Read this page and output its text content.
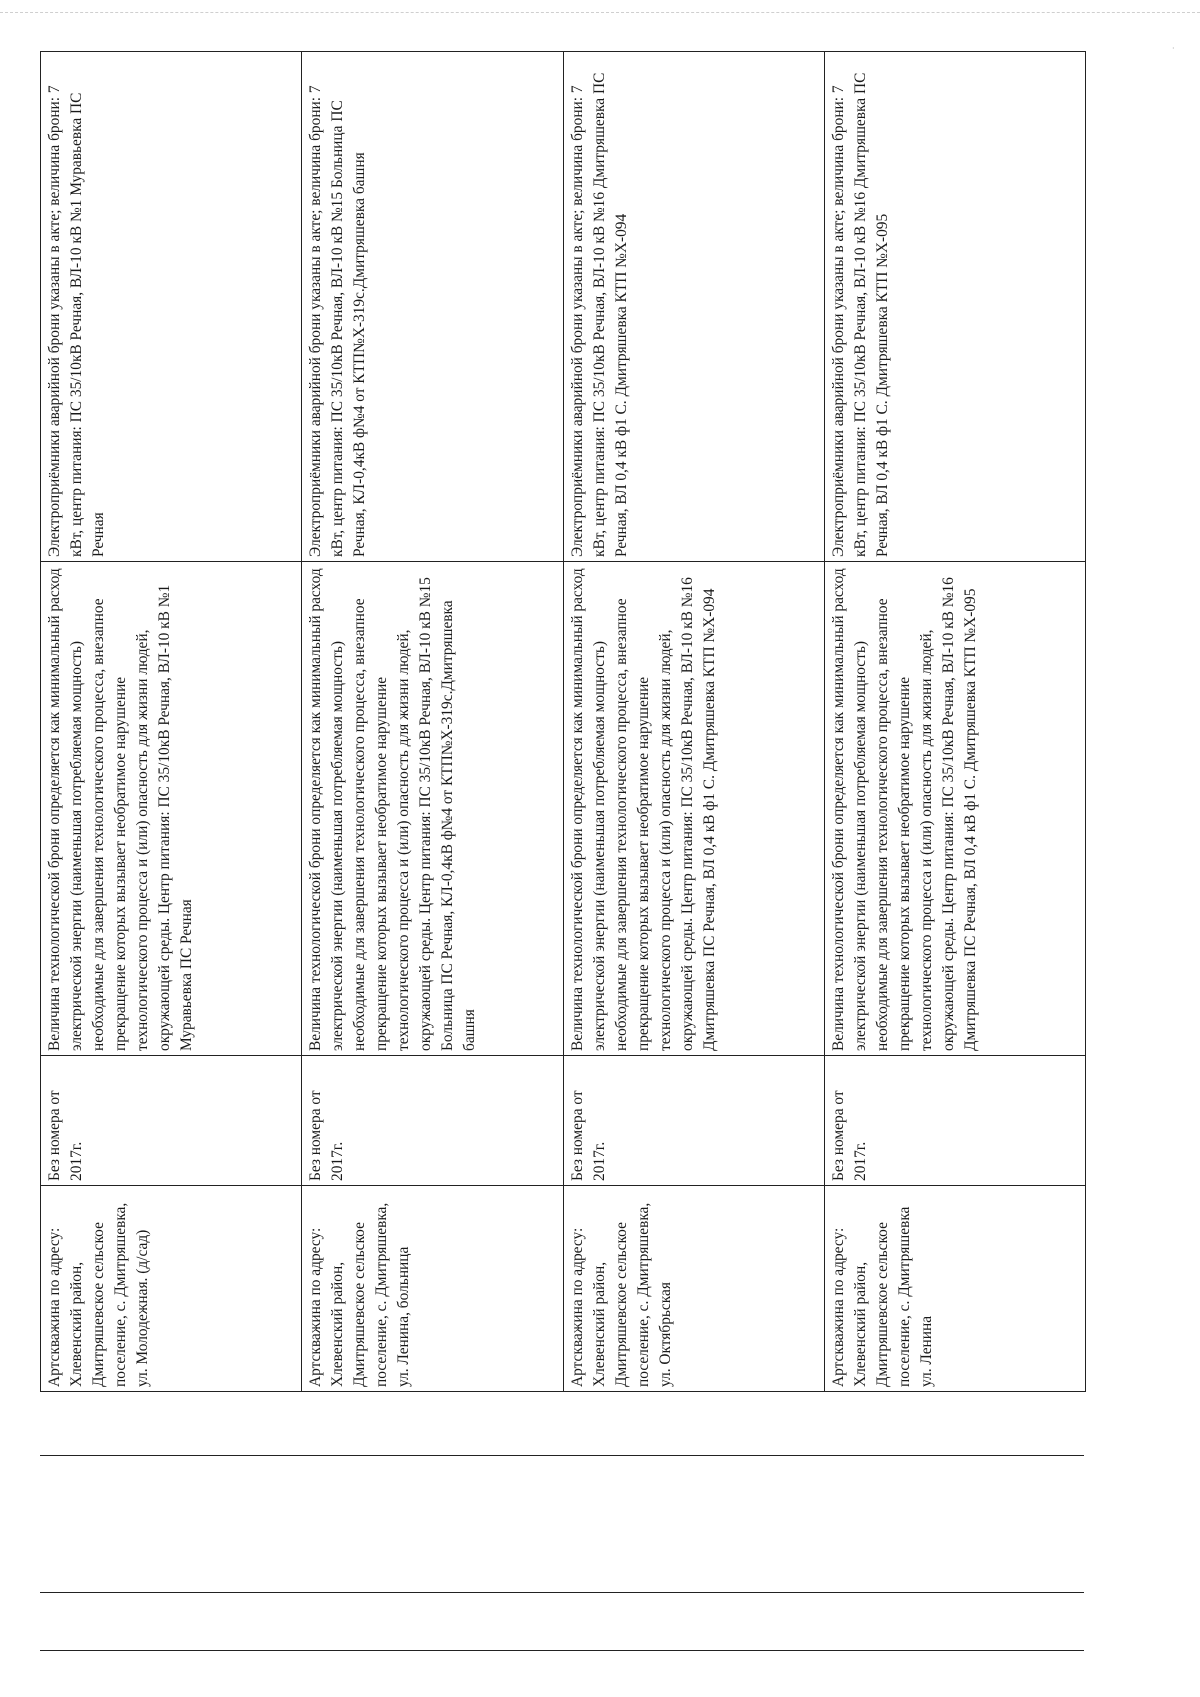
·
Артскважина по адресу: Хлевенский район, Дмитряшевское сельское поселение, с. Дмитряшевка, ул. Молодежная. (д/сад)	Без номера от 2017г.	Величина технологической брони определяется как минимальный расход электрической энергии (наименьшая потребляемая мощность) необходимые для завершения технологического процесса, внезапное прекращение которых вызывает необратимое нарушение технологического процесса и (или) опасность для жизни людей, окружающей среды. Центр питания: ПС 35/10кВ Речная, ВЛ-10 кВ №1 Муравьевка ПС Речная	Электроприёмники аварийной брони указаны в акте; величина брони: 7 кВт, центр питания: ПС 35/10кВ Речная, ВЛ-10 кВ №1 Муравьевка ПС Речная
Артскважина по адресу: Хлевенский район, Дмитряшевское сельское поселение, с. Дмитряшевка, ул. Ленина, больница	Без номера от 2017г.	Величина технологической брони определяется как минимальный расход электрической энергии (наименьшая потребляемая мощность) необходимые для завершения технологического процесса, внезапное прекращение которых вызывает необратимое нарушение технологического процесса и (или) опасность для жизни людей, окружающей среды. Центр питания: ПС 35/10кВ Речная, ВЛ-10 кВ №15 Больница ПС Речная, КЛ-0,4кВ ф№4 от КТП№Х-319с.Дмитряшевка башня	Электроприёмники аварийной брони указаны в акте; величина брони: 7 кВт, центр питания: ПС 35/10кВ Речная, ВЛ-10 кВ №15 Больница ПС Речная, КЛ-0,4кВ ф№4 от КТП№Х-319с.Дмитряшевка башня
Артскважина по адресу: Хлевенский район, Дмитряшевское сельское поселение, с. Дмитряшевка, ул. Октябрьская	Без номера от 2017г.	Величина технологической брони определяется как минимальный расход электрической энергии (наименьшая потребляемая мощность) необходимые для завершения технологического процесса, внезапное прекращение которых вызывает необратимое нарушение технологического процесса и (или) опасность для жизни людей, окружающей среды. Центр питания: ПС 35/10кВ Речная, ВЛ-10 кВ №16 Дмитряшевка ПС Речная, ВЛ 0,4 кВ ф1 С. Дмитряшевка КТП №Х-094	Электроприёмники аварийной брони указаны в акте; величина брони: 7 кВт, центр питания: ПС 35/10кВ Речная, ВЛ-10 кВ №16 Дмитряшевка ПС Речная, ВЛ 0,4 кВ ф1 С. Дмитряшевка КТП №Х-094
Артскважина по адресу: Хлевенский район, Дмитряшевское сельское поселение, с. Дмитряшевка ул. Ленина	Без номера от 2017г.	Величина технологической брони определяется как минимальный расход электрической энергии (наименьшая потребляемая мощность) необходимые для завершения технологического процесса, внезапное прекращение которых вызывает необратимое нарушение технологического процесса и (или) опасность для жизни людей, окружающей среды. Центр питания: ПС 35/10кВ Речная, ВЛ-10 кВ №16 Дмитряшевка ПС Речная, ВЛ 0,4 кВ ф1 С. Дмитряшевка КТП №Х-095	Электроприёмники аварийной брони указаны в акте; величина брони: 7 кВт, центр питания: ПС 35/10кВ Речная, ВЛ-10 кВ №16 Дмитряшевка ПС Речная, ВЛ 0,4 кВ ф1 С. Дмитряшевка КТП №Х-095
